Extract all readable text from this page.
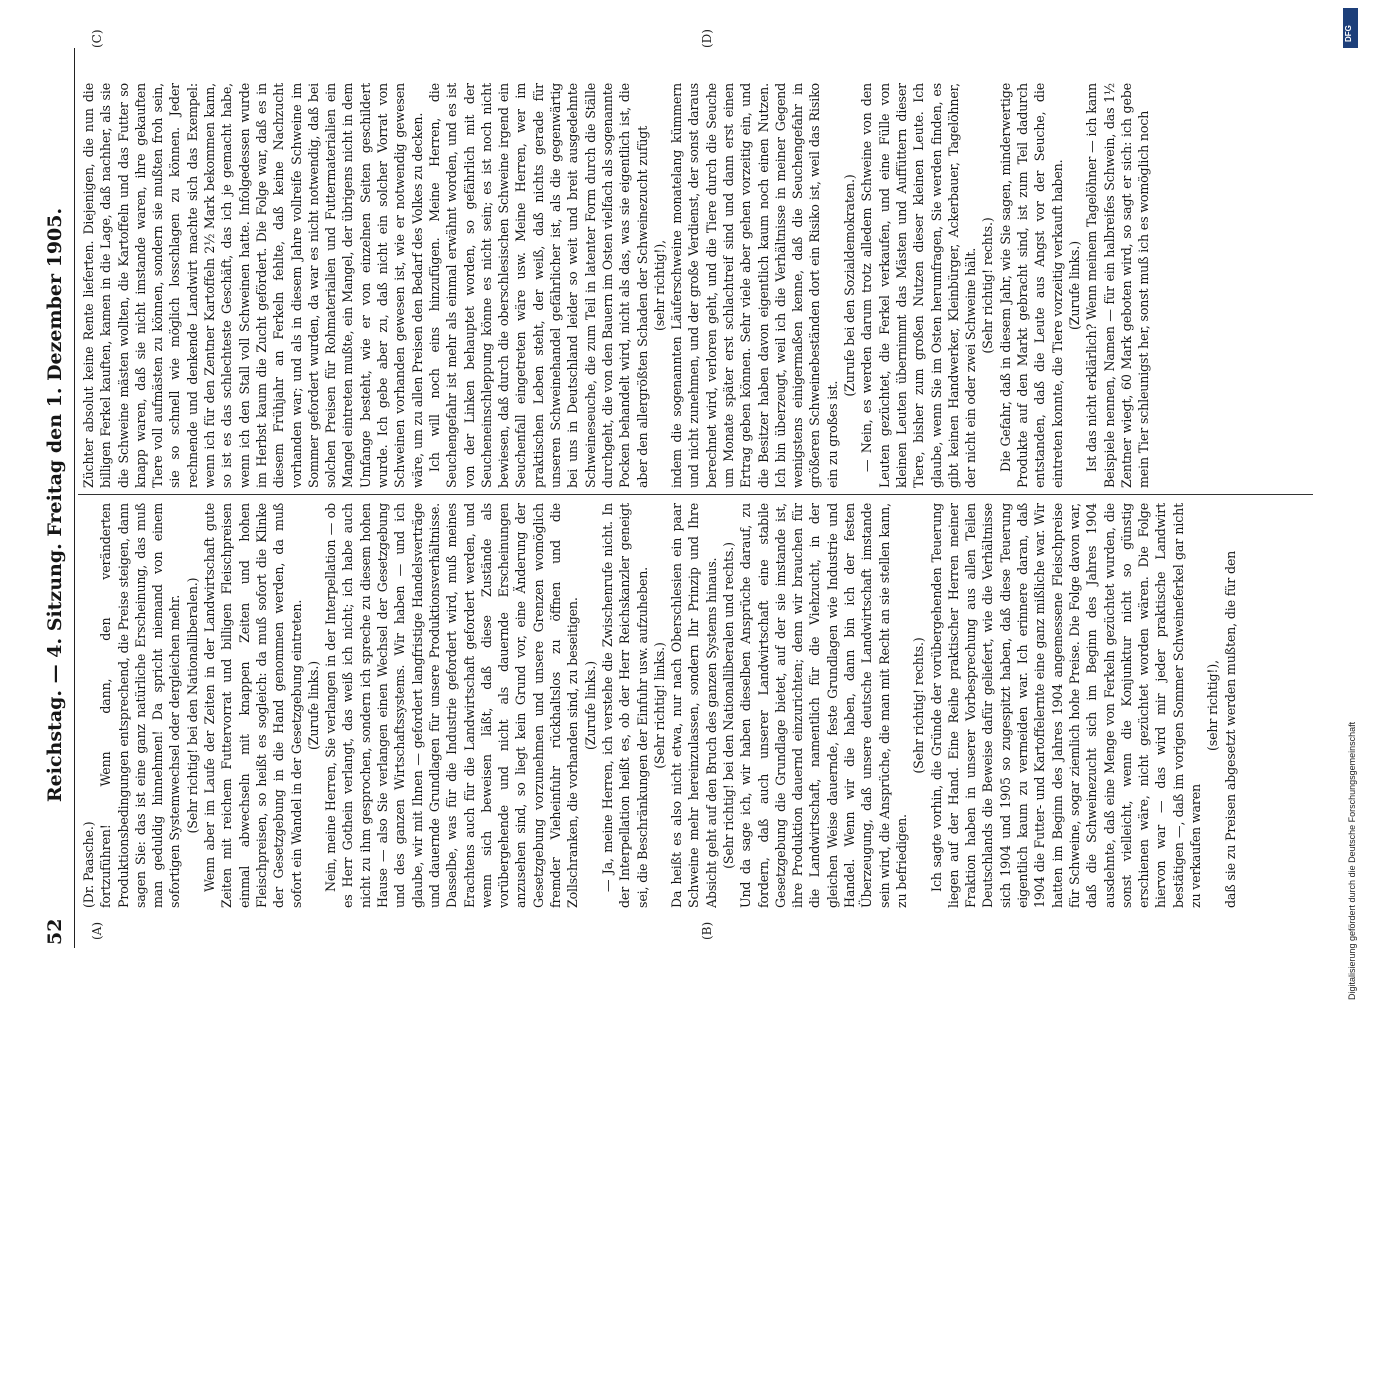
52
Reichstag. — 4. Sitzung. Freitag den 1. Dezember 1905.
(A)	(B)
(C)	(D)

(Dr. Paasche.) fortzuführen! Wenn dann, den veränderten Produktionsbedingungen entsprechend, die Preise steigen, dann sagen Sie: das ist eine ganz natürliche Erscheinung, das muß man geduldig hinnehmen! Da spricht niemand von einem sofortigen Systemwechsel oder dergleichen mehr. (Sehr richtig! bei den Nationalliberalen.) Wenn aber im Laufe der Zeiten in der Landwirtschaft gute Zeiten mit reichem Futtervorrat und billigen Fleischpreisen einmal abwechseln mit knappen Zeiten und hohen Fleischpreisen, so heißt es sogleich: da muß sofort die Klinke der Gesetzgebung in die Hand genommen werden, da muß sofort ein Wandel in der Gesetzgebung eintreten. (Zurufe links.) Nein, meine Herren, Sie verlangen in der Interpellation — ob es Herr Gothein verlangt, das weiß ich nicht; ich habe auch nicht zu ihm gesprochen, sondern ich spreche zu diesem hohen Hause — also Sie verlangen einen Wechsel der Gesetzgebung und des ganzen Wirtschaftssystems. Wir haben — und ich glaube, wir mit Ihnen — gefordert langfristige Handelsverträge und dauernde Grundlagen für unsere Produktionsverhältnisse. Dasselbe, was für die Industrie gefordert wird, muß meines Erachtens auch für die Landwirtschaft gefordert werden, und wenn sich beweisen läßt, daß diese Zustände als vorübergehende und nicht als dauernde Erscheinungen anzusehen sind, so liegt kein Grund vor, eine Änderung der Gesetzgebung vorzunehmen und unsere Grenzen womöglich fremder Vieheinfuhr rückhaltslos zu öffnen und die Zollschranken, die vorhanden sind, zu beseitigen. (Zurufe links.) — Ja, meine Herren, ich verstehe die Zwischenrufe nicht. In der Interpellation heißt es, ob der Herr Reichskanzler geneigt sei, die Beschränkungen der Einfuhr usw. aufzuheben. (Sehr richtig! links.) Da heißt es also nicht etwa, nur nach Oberschlesien ein paar Schweine mehr hereinzulassen, sondern Ihr Prinzip und Ihre Absicht geht auf den Bruch des ganzen Systems hinaus. (Sehr richtig! bei den Nationalliberalen und rechts.) Und da sage ich, wir haben dieselben Ansprüche darauf, zu fordern, daß auch unserer Landwirtschaft eine stabile Gesetzgebung die Grundlage bietet, auf der sie imstande ist, ihre Produktion dauernd einzurichten; denn wir brauchen für die Landwirtschaft, namentlich für die Viehzucht, in der gleichen Weise dauernde, feste Grundlagen wie Industrie und Handel. Wenn wir die haben, dann bin ich der festen Überzeugung, daß unsere deutsche Landwirtschaft imstande sein wird, die Ansprüche, die man mit Recht an sie stellen kann, zu befriedigen.

(Sehr richtig! rechts.) Ich sagte vorhin, die Gründe der vorübergehenden Teuerung liegen auf der Hand. Eine Reihe praktischer Herren meiner Fraktion haben in unserer Vorbesprechung aus allen Teilen Deutschlands die Beweise dafür geliefert, wie die Verhältnisse sich 1904 und 1905 so zugespitzt haben, daß diese Teuerung eigentlich kaum zu vermeiden war. Ich erinnere daran, daß 1904 die Futter- und Kartoffelernte eine ganz mißliche war. Wir hatten im Beginn des Jahres 1904 angemessene Fleischpreise für Schweine, sogar ziemlich hohe Preise. Die Folge davon war, daß die Schweinezucht sich im Beginn des Jahres 1904 ausdehnte, daß eine Menge von Ferkeln gezüchtet wurden, die sonst vielleicht, wenn die Konjunktur nicht so günstig erschienen wäre, nicht gezüchtet worden wären. Die Folge hiervon war — das wird mir jeder praktische Landwirt bestätigen —, daß im vorigen Sommer Schweineferkel gar nicht zu verkaufen waren

(sehr richtig!), daß sie zu Preisen abgesetzt werden mußten, die für den

Züchter absolut keine Rente lieferten. Diejenigen, die nun die billigen Ferkel kauften, kamen in die Lage, daß nachher, als sie die Schweine mästen wollten, die Kartoffeln und das Futter so knapp waren, daß sie nicht imstande waren, ihre gekauften Tiere voll aufmästen zu können, sondern sie mußten froh sein, sie so schnell wie möglich losschlagen zu können. Jeder rechnende und denkende Landwirt machte sich das Exempel: wenn ich für den Zentner Kartoffeln 2½ Mark bekommen kann, so ist es das schlechteste Geschäft, das ich je gemacht habe, wenn ich den Stall voll Schweinen hatte. Infolgedessen wurde im Herbst kaum die Zucht gefördert. Die Folge war, daß es in diesem Frühjahr an Ferkeln fehlte, daß keine Nachzucht vorhanden war; und als in diesem Jahre vollreife Schweine im Sommer gefordert wurden, da war es nicht notwendig, daß bei solchen Preisen für Rohmaterialien und Futtermaterialien ein Mangel eintreten mußte, ein Mangel, der übrigens nicht in dem Umfange besteht, wie er von einzelnen Seiten geschildert wurde. Ich gebe aber zu, daß nicht ein solcher Vorrat von Schweinen vorhanden gewesen ist, wie er notwendig gewesen wäre, um zu allen Preisen den Bedarf des Volkes zu decken. Ich will noch eins hinzufügen. Meine Herren, die Seuchengefahr ist mehr als einmal erwähnt worden, und es ist von der Linken behauptet worden, so gefährlich mit der Seucheneinschleppung könne es nicht sein; es ist noch nicht bewiesen, daß durch die oberschlesischen Schweine irgend ein Seuchenfall eingetreten wäre usw. Meine Herren, wer im praktischen Leben steht, der weiß, daß nichts gerade für unseren Schweinehandel gefährlicher ist, als die gegenwärtig bei uns in Deutschland leider so weit und breit ausgedehnte Schweineseuche, die zum Teil in latenter Form durch die Ställe durchgeht, die von den Bauern im Osten vielfach als sogenannte Pocken behandelt wird, nicht als das, was sie eigentlich ist, die aber den allergrößten Schaden der Schweinezucht zufügt (sehr richtig!), indem die sogenannten Läuferschweine monatelang kümmern und nicht zunehmen, und der große Verdienst, der sonst daraus berechnet wird, verloren geht, und die Tiere durch die Seuche um Monate später erst schlachtreif sind und dann erst einen Ertrag geben können. Sehr viele aber gehen vorzeitig ein, und die Besitzer haben davon eigentlich kaum noch einen Nutzen. Ich bin überzeugt, weil ich die Verhältnisse in meiner Gegend wenigstens einigermaßen kenne, daß die Seuchengefahr in größeren Schweinebeständen dort ein Risiko ist, weil das Risiko ein zu großes ist.

(Zurufe bei den Sozialdemokraten.) — Nein, es werden darum trotz alledem Schweine von den Leuten gezüchtet, die Ferkel verkaufen, und eine Fülle von kleinen Leuten übernimmt das Mästen und Auffüttern dieser Tiere, bisher zum großen Nutzen dieser kleinen Leute. Ich glaube, wenn Sie im Osten herumfragen, Sie werden finden, es gibt keinen Handwerker, Kleinbürger, Ackerbauer, Tagelöhner, der nicht ein oder zwei Schweine hält. (Sehr richtig! rechts.) Die Gefahr, daß in diesem Jahr, wie Sie sagen, minderwertige Produkte auf den Markt gebracht sind, ist zum Teil dadurch entstanden, daß die Leute aus Angst vor der Seuche, die eintreten konnte, die Tiere vorzeitig verkauft haben. (Zurufe links.) Ist das nicht erklärlich? Wenn meinem Tagelöhner — ich kann Beispiele nennen, Namen — für ein halbreifes Schwein, das 1½ Zentner wiegt, 60 Mark geboten wird, so sagt er sich: ich gebe mein Tier schleunigst her, sonst muß ich es womöglich noch

Digitalisierung gefördert durch die Deutsche Forschungsgemeinschaft
DFG
